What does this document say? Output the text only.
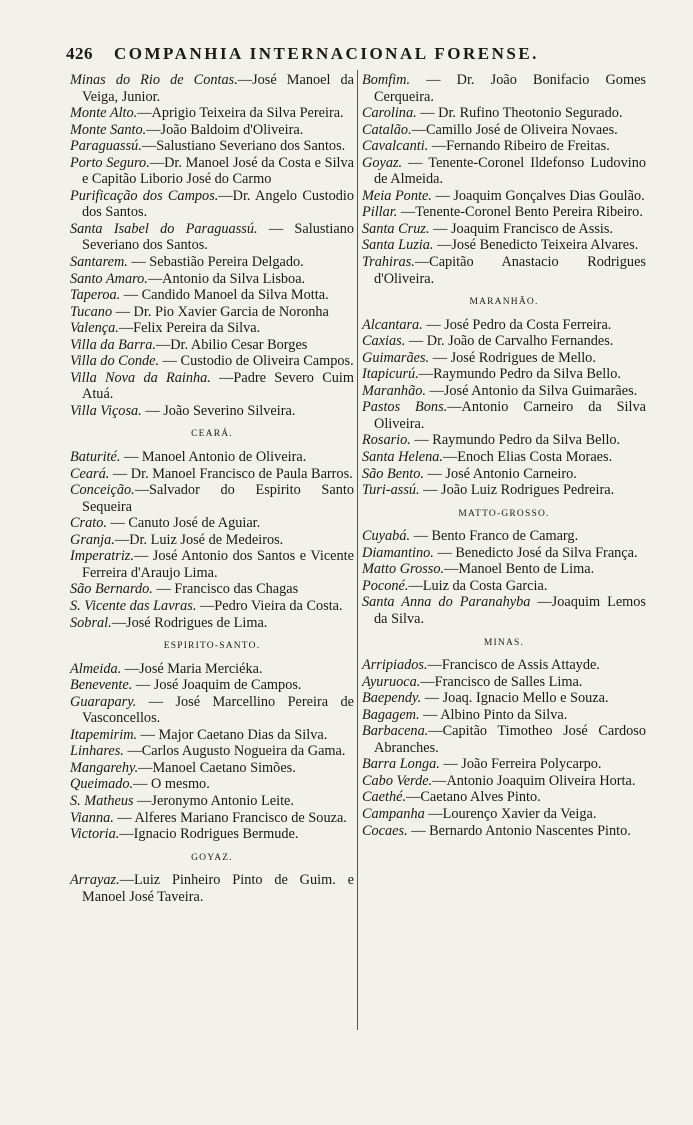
426 COMPANHIA INTERNACIONAL FORENSE.
Minas do Rio de Contas.—José Manoel da Veiga, Junior.
Monte Alto.—Aprigio Teixeira da Silva Pereira.
Monte Santo.—João Baldoim d'Oliveira.
Paraguassú.—Salustiano Severiano dos Santos.
Porto Seguro.—Dr. Manoel José da Costa e Silva e Capitão Liborio José do Carmo
Purificação dos Campos.—Dr. Angelo Custodio dos Santos.
Santa Isabel do Paraguassú. — Salustiano Severiano dos Santos.
Santarem. — Sebastião Pereira Delgado.
Santo Amaro.—Antonio da Silva Lisboa.
Taperoa. — Candido Manoel da Silva Motta.
Tucano — Dr. Pio Xavier Garcia de Noronha
Valença.—Felix Pereira da Silva.
Villa da Barra.—Dr. Abilio Cesar Borges
Villa do Conde. — Custodio de Oliveira Campos.
Villa Nova da Rainha. —Padre Severo Cuim Atuá.
Villa Viçosa. — João Severino Silveira.
CEARÁ.
Baturité. — Manoel Antonio de Oliveira.
Ceará. — Dr. Manoel Francisco de Paula Barros.
Conceição.—Salvador do Espirito Santo Sequeira
Crato. — Canuto José de Aguiar.
Granja.—Dr. Luiz José de Medeiros.
Imperatriz.— José Antonio dos Santos e Vicente Ferreira d'Araujo Lima.
São Bernardo. — Francisco das Chagas
S. Vicente das Lavras. —Pedro Vieira da Costa.
Sobral.—José Rodrigues de Lima.
ESPIRITO-SANTO.
Almeida. —José Maria Merciéka.
Benevente. — José Joaquim de Campos.
Guarapary. — José Marcellino Pereira de Vasconcellos.
Itapemirim. — Major Caetano Dias da Silva.
Linhares. —Carlos Augusto Nogueira da Gama.
Mangarehy.—Manoel Caetano Simões.
Queimado.— O mesmo.
S. Matheus —Jeronymo Antonio Leite.
Vianna. — Alferes Mariano Francisco de Souza.
Victoria.—Ignacio Rodrigues Bermude.
GOYAZ.
Arrayaz.—Luiz Pinheiro Pinto de Guim. e Manoel José Taveira.
Bomfim. — Dr. João Bonifacio Gomes Cerqueira.
Carolina. — Dr. Rufino Theotonio Segurado.
Catalão.—Camillo José de Oliveira Novaes.
Cavalcanti. —Fernando Ribeiro de Freitas.
Goyaz. — Tenente-Coronel Ildefonso Ludovino de Almeida.
Meia Ponte. — Joaquim Gonçalves Dias Goulão.
Pillar. —Tenente-Coronel Bento Pereira Ribeiro.
Santa Cruz. — Joaquim Francisco de Assis.
Santa Luzia. —José Benedicto Teixeira Alvares.
Trahiras.—Capitão Anastacio Rodrigues d'Oliveira.
MARANHÃO.
Alcantara. — José Pedro da Costa Ferreira.
Caxias. — Dr. João de Carvalho Fernandes.
Guimarães. — José Rodrigues de Mello.
Itapicurú.—Raymundo Pedro da Silva Bello.
Maranhão. —José Antonio da Silva Guimarães.
Pastos Bons.—Antonio Carneiro da Silva Oliveira.
Rosario. — Raymundo Pedro da Silva Bello.
Santa Helena.—Enoch Elias Costa Moraes.
São Bento. — José Antonio Carneiro.
Turi-assú. — João Luiz Rodrigues Pedreira.
MATTO-GROSSO.
Cuyabá. — Bento Franco de Camarg.
Diamantino. — Benedicto José da Silva França.
Matto Grosso.—Manoel Bento de Lima.
Poconé.—Luiz da Costa Garcia.
Santa Anna do Paranahyba —Joaquim Lemos da Silva.
MINAS.
Arripiados.—Francisco de Assis Attayde.
Ayuruoca.—Francisco de Salles Lima.
Baependy. — Joaq. Ignacio Mello e Souza.
Bagagem. — Albino Pinto da Silva.
Barbacena.—Capitão Timotheo José Cardoso Abranches.
Barra Longa. — João Ferreira Polycarpo.
Cabo Verde.—Antonio Joaquim Oliveira Horta.
Caethé.—Caetano Alves Pinto.
Campanha —Lourenço Xavier da Veiga.
Cocaes. — Bernardo Antonio Nascentes Pinto.
